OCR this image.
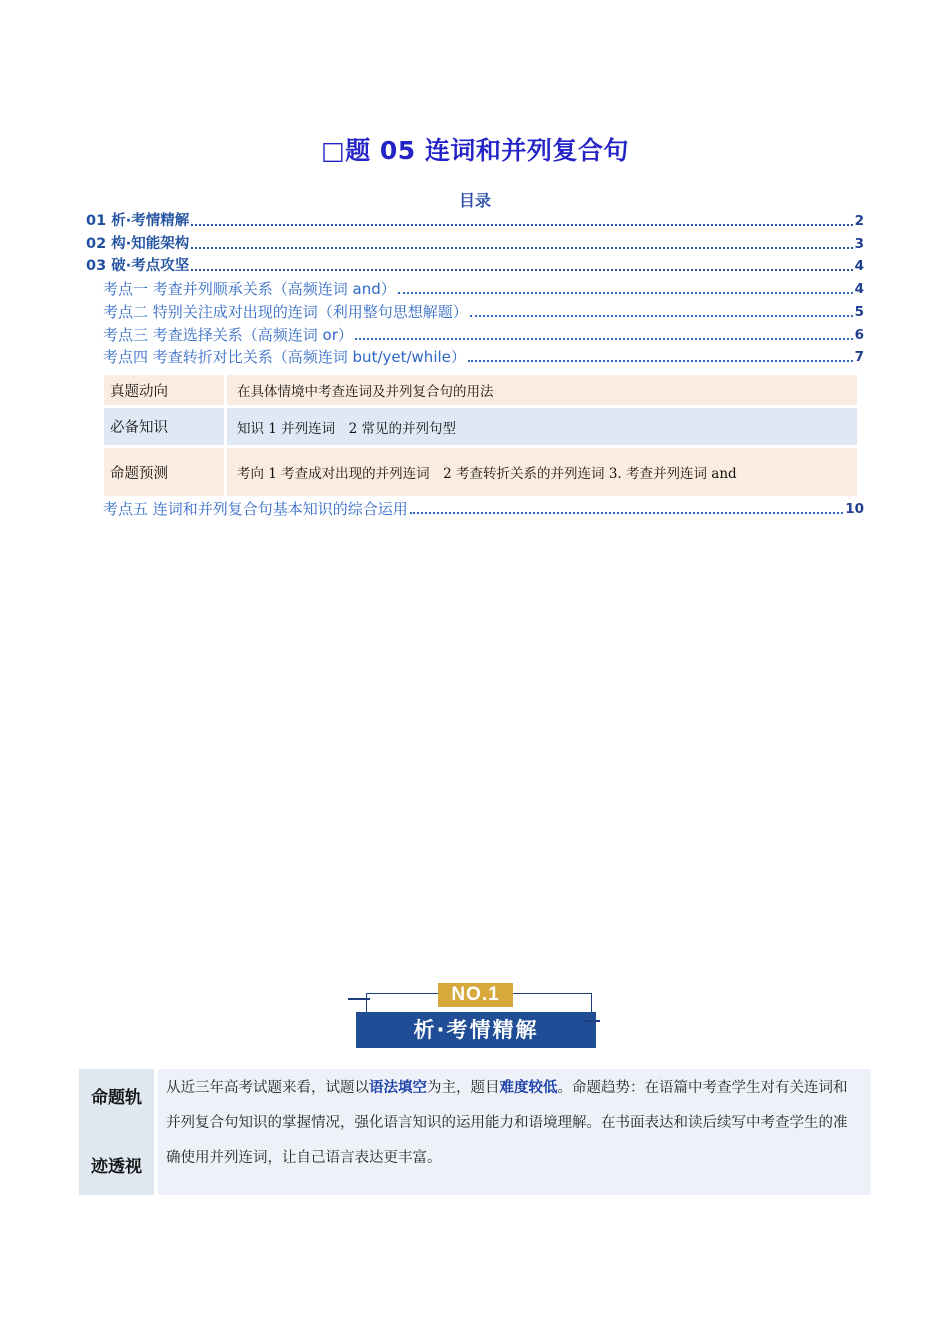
□题 05 连词和并列复合句
目录
01 析·考情精解	2
02 构·知能架构	3
03 破·考点攻坚	4
考点一 考查并列顺承关系（高频连词 and）	4
考点二 特别关注成对出现的连词（利用整句思想解题）	5
考点三 考查选择关系（高频连词 or）	6
考点四 考查转折对比关系（高频连词 but/yet/while）	7
真题动向	在具体情境中考查连词及并列复合句的用法
必备知识	知识 1 并列连词　2 常见的并列句型
命题预测	考向 1 考查成对出现的并列连词　2 考查转折关系的并列连词 3. 考查并列连词 and
考点五 连词和并列复合句基本知识的综合运用	10
NO.1
析·考情精解
命题轨
迹透视
从近三年高考试题来看，试题以语法填空为主，题目难度较低。命题趋势：在语篇中考查学生对有关连词和并列复合句知识的掌握情况，强化语言知识的运用能力和语境理解。在书面表达和读后续写中考查学生的准确使用并列连词，让自己语言表达更丰富。
